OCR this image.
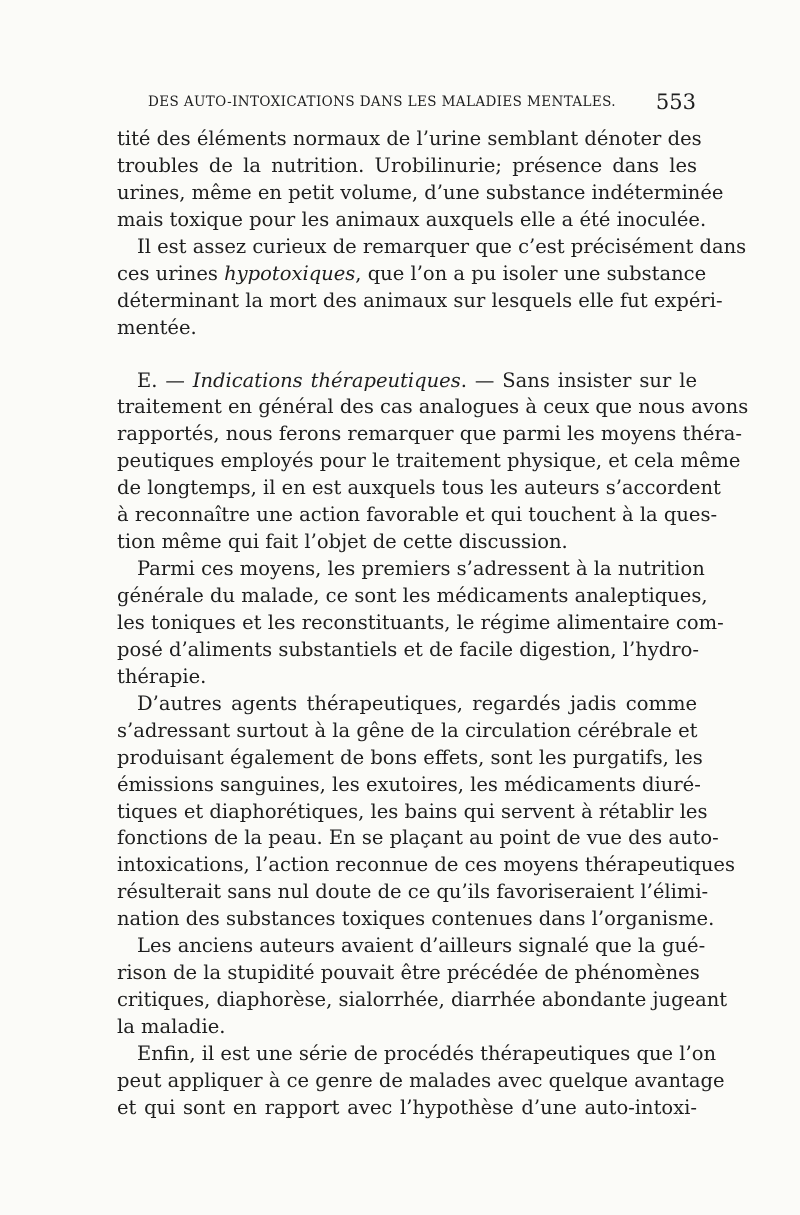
DES AUTO-INTOXICATIONS DANS LES MALADIES MENTALES. 553
tité des éléments normaux de l’urine semblant dénoter des
troubles de la nutrition. Urobilinurie; présence dans les
urines, même en petit volume, d’une substance indéterminée
mais toxique pour les animaux auxquels elle a été inoculée.
Il est assez curieux de remarquer que c’est précisément dans
ces urines hypotoxiques, que l’on a pu isoler une substance
déterminant la mort des animaux sur lesquels elle fut expéri-
mentée.
E. — Indications thérapeutiques. — Sans insister sur le
traitement en général des cas analogues à ceux que nous avons
rapportés, nous ferons remarquer que parmi les moyens théra-
peutiques employés pour le traitement physique, et cela même
de longtemps, il en est auxquels tous les auteurs s’accordent
à reconnaître une action favorable et qui touchent à la ques-
tion même qui fait l’objet de cette discussion.
Parmi ces moyens, les premiers s’adressent à la nutrition
générale du malade, ce sont les médicaments analeptiques,
les toniques et les reconstituants, le régime alimentaire com-
posé d’aliments substantiels et de facile digestion, l’hydro-
thérapie.
D’autres agents thérapeutiques, regardés jadis comme
s’adressant surtout à la gêne de la circulation cérébrale et
produisant également de bons effets, sont les purgatifs, les
émissions sanguines, les exutoires, les médicaments diuré-
tiques et diaphorétiques, les bains qui servent à rétablir les
fonctions de la peau. En se plaçant au point de vue des auto-
intoxications, l’action reconnue de ces moyens thérapeutiques
résulterait sans nul doute de ce qu’ils favoriseraient l’élimi-
nation des substances toxiques contenues dans l’organisme.
Les anciens auteurs avaient d’ailleurs signalé que la gué-
rison de la stupidité pouvait être précédée de phénomènes
critiques, diaphorèse, sialorrhée, diarrhée abondante jugeant
la maladie.
Enfin, il est une série de procédés thérapeutiques que l’on
peut appliquer à ce genre de malades avec quelque avantage
et qui sont en rapport avec l’hypothèse d’une auto-intoxi-
